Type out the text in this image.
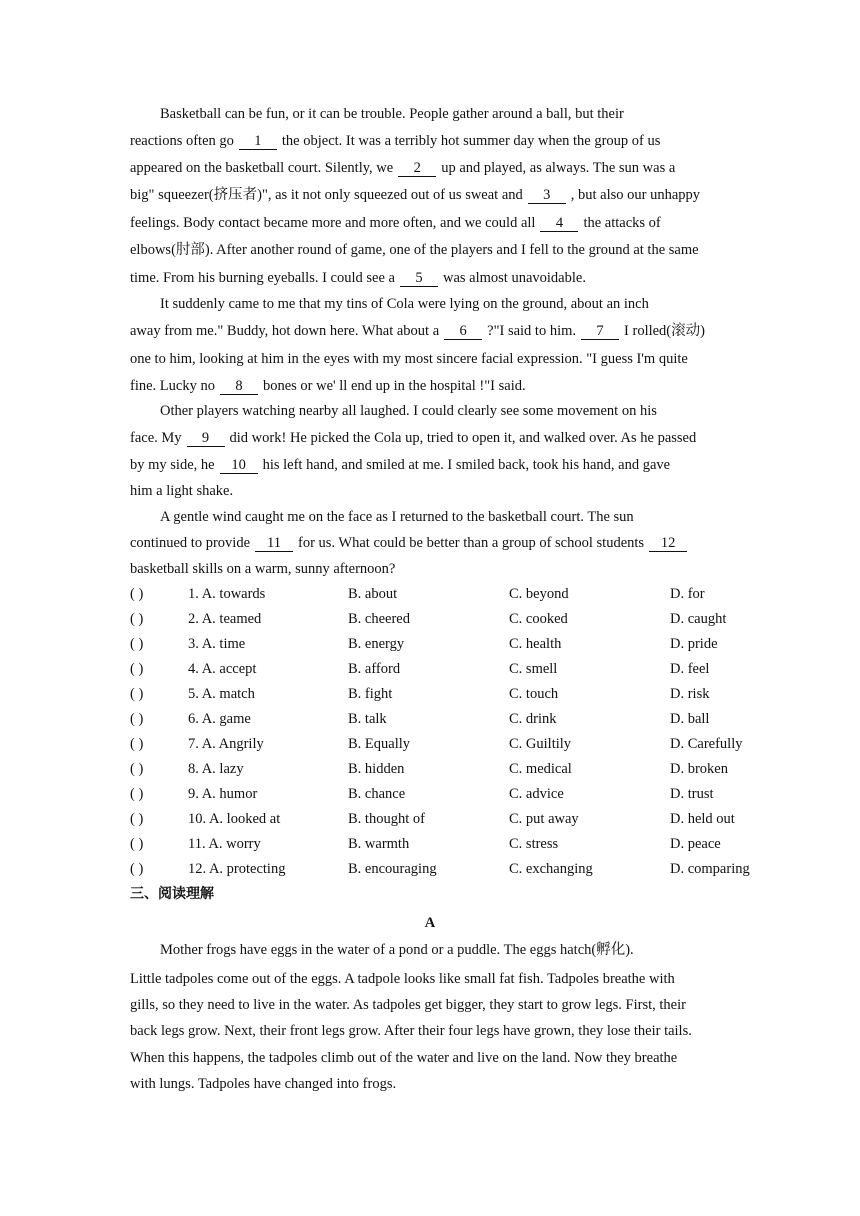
Basketball can be fun, or it can be trouble. People gather around a ball, but their
reactions often go 1 the object. It was a terribly hot summer day when the group of us
appeared on the basketball court. Silently, we 2 up and played, as always. The sun was a
big" squeezer(挤压者)", as it not only squeezed out of us sweat and 3 , but also our unhappy
feelings. Body contact became more and more often, and we could all 4 the attacks of
elbows(肘部). After another round of game, one of the players and I fell to the ground at the same
time. From his burning eyeballs. I could see a 5 was almost unavoidable.
It suddenly came to me that my tins of Cola were lying on the ground, about an inch
away from me." Buddy, hot down here. What about a 6 ?"I said to him. 7 I rolled(滚动)
one to him, looking at him in the eyes with my most sincere facial expression. "I guess I'm quite
fine. Lucky no 8 bones or we' ll end up in the hospital !"I said.
Other players watching nearby all laughed. I could clearly see some movement on his
face. My 9 did work! He picked the Cola up, tried to open it, and walked over. As he passed
by my side, he 10 his left hand, and smiled at me. I smiled back, took his hand, and gave
him a light shake.
A gentle wind caught me on the face as I returned to the basketball court. The sun
continued to provide 11 for us. What could be better than a group of school students 12
basketball skills on a warm, sunny afternoon?
( )	1. A. towards	B. about	C. beyond	D. for
( )	2. A. teamed	B. cheered	C. cooked	D. caught
( )	3. A. time	B. energy	C. health	D. pride
( )	4. A. accept	B. afford	C. smell	D. feel
( )	5. A. match	B. fight	C. touch	D. risk
( )	6. A. game	B. talk	C. drink	D. ball
( )	7. A. Angrily	B. Equally	C. Guiltily	D. Carefully
( )	8. A. lazy	B. hidden	C. medical	D. broken
( )	9. A. humor	B. chance	C. advice	D. trust
( )	10. A. looked at	B. thought of	C. put away	D. held out
( )	11. A. worry	B. warmth	C. stress	D. peace
( )	12. A. protecting	B. encouraging	C. exchanging	D. comparing
三、阅读理解
A
Mother frogs have eggs in the water of a pond or a puddle. The eggs hatch(孵化).
Little tadpoles come out of the eggs. A tadpole looks like small fat fish. Tadpoles breathe with
gills, so they need to live in the water. As tadpoles get bigger, they start to grow legs. First, their
back legs grow. Next, their front legs grow. After their four legs have grown, they lose their tails.
When this happens, the tadpoles climb out of the water and live on the land. Now they breathe
with lungs. Tadpoles have changed into frogs.
